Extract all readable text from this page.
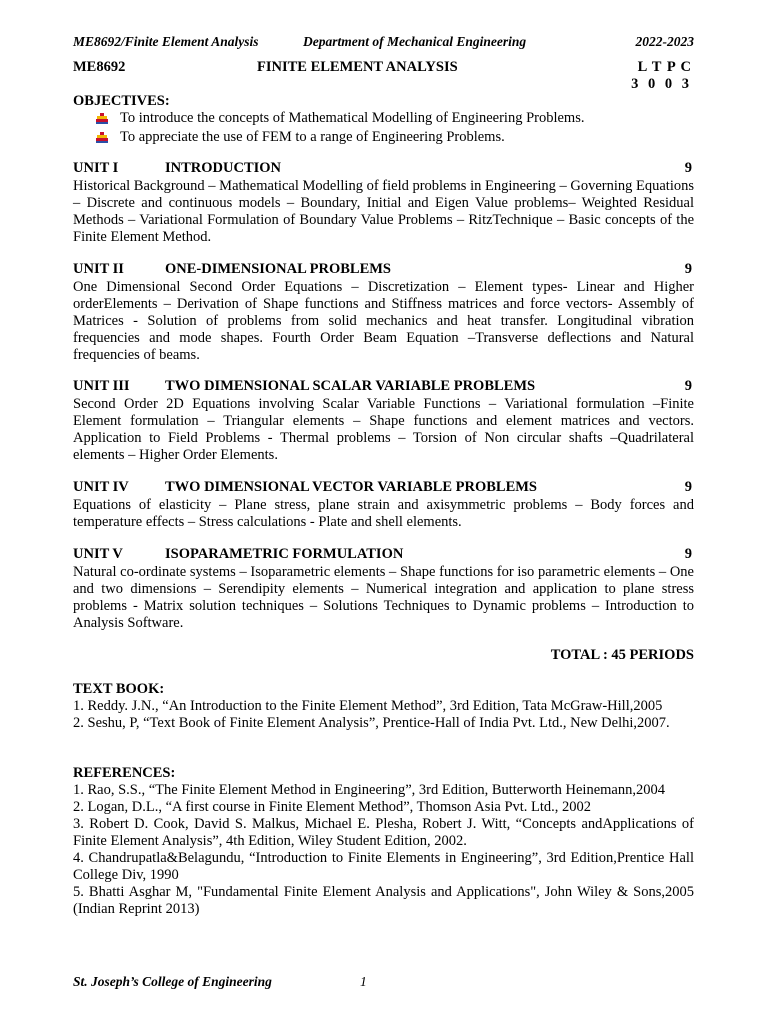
ME8692/Finite Element Analysis	Department of Mechanical Engineering	2022-2023
ME8692	FINITE ELEMENT ANALYSIS	L T P C
3 0 0 3
OBJECTIVES:
To introduce the concepts of Mathematical Modelling of Engineering Problems.
To appreciate the use of FEM to a range of Engineering Problems.
UNIT I	INTRODUCTION	9
Historical Background – Mathematical Modelling of field problems in Engineering – Governing Equations – Discrete and continuous models – Boundary, Initial and Eigen Value problems– Weighted Residual Methods – Variational Formulation of Boundary Value Problems – RitzTechnique – Basic concepts of the Finite Element Method.
UNIT II	ONE-DIMENSIONAL PROBLEMS	9
One Dimensional Second Order Equations – Discretization – Element types- Linear and Higher orderElements – Derivation of Shape functions and Stiffness matrices and force vectors- Assembly of Matrices - Solution of problems from solid mechanics and heat transfer. Longitudinal vibration frequencies and mode shapes. Fourth Order Beam Equation –Transverse deflections and Natural frequencies of beams.
UNIT III TWO DIMENSIONAL SCALAR VARIABLE PROBLEMS	9
Second Order 2D Equations involving Scalar Variable Functions – Variational formulation –Finite Element formulation – Triangular elements – Shape functions and element matrices and vectors. Application to Field Problems - Thermal problems – Torsion of Non circular shafts –Quadrilateral elements – Higher Order Elements.
UNIT IV	TWO DIMENSIONAL VECTOR VARIABLE PROBLEMS	9
Equations of elasticity – Plane stress, plane strain and axisymmetric problems – Body forces and temperature effects – Stress calculations - Plate and shell elements.
UNIT V	ISOPARAMETRIC FORMULATION	9
Natural co-ordinate systems – Isoparametric elements – Shape functions for iso parametric elements – One and two dimensions – Serendipity elements – Numerical integration and application to plane stress problems - Matrix solution techniques – Solutions Techniques to Dynamic problems – Introduction to Analysis Software.
TOTAL : 45 PERIODS
TEXT BOOK:
1. Reddy. J.N., “An Introduction to the Finite Element Method”, 3rd Edition, Tata McGraw-Hill,2005
2. Seshu, P, “Text Book of Finite Element Analysis”, Prentice-Hall of India Pvt. Ltd., New Delhi,2007.
REFERENCES:
1. Rao, S.S., “The Finite Element Method in Engineering”, 3rd Edition, Butterworth Heinemann,2004
2. Logan, D.L., “A first course in Finite Element Method”, Thomson Asia Pvt. Ltd., 2002
3. Robert D. Cook, David S. Malkus, Michael E. Plesha, Robert J. Witt, “Concepts andApplications of Finite Element Analysis”, 4th Edition, Wiley Student Edition, 2002.
4. Chandrupatla&Belagundu, “Introduction to Finite Elements in Engineering”, 3rd Edition,Prentice Hall College Div, 1990
5. Bhatti Asghar M, "Fundamental Finite Element Analysis and Applications", John Wiley & Sons,2005 (Indian Reprint 2013)
St. Joseph’s College of Engineering	1
